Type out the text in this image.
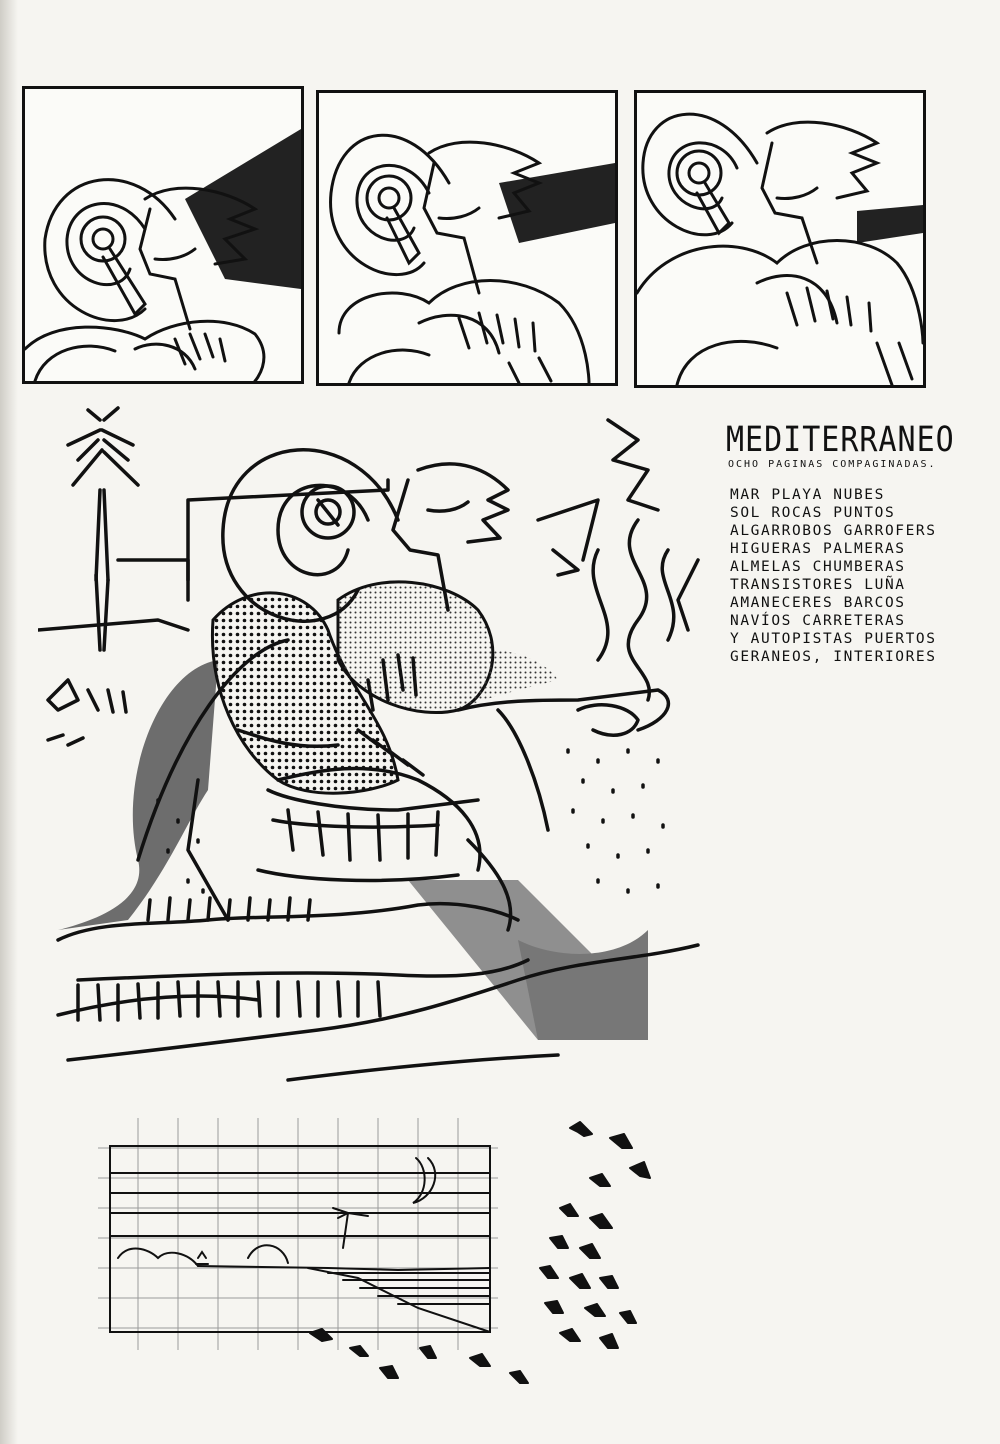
MEDITERRANEO
OCHO PAGINAS COMPAGINADAS.
MAR PLAYA NUBES
SOL ROCAS PUNTOS
ALGARROBOS GARROFERS
HIGUERAS PALMERAS
ALMELAS CHUMBERAS
TRANSISTORES LUÑA
AMANECERES BARCOS
NAVÍOS CARRETERAS
Y AUTOPISTAS PUERTOS
GERANEOS, INTERIORES
